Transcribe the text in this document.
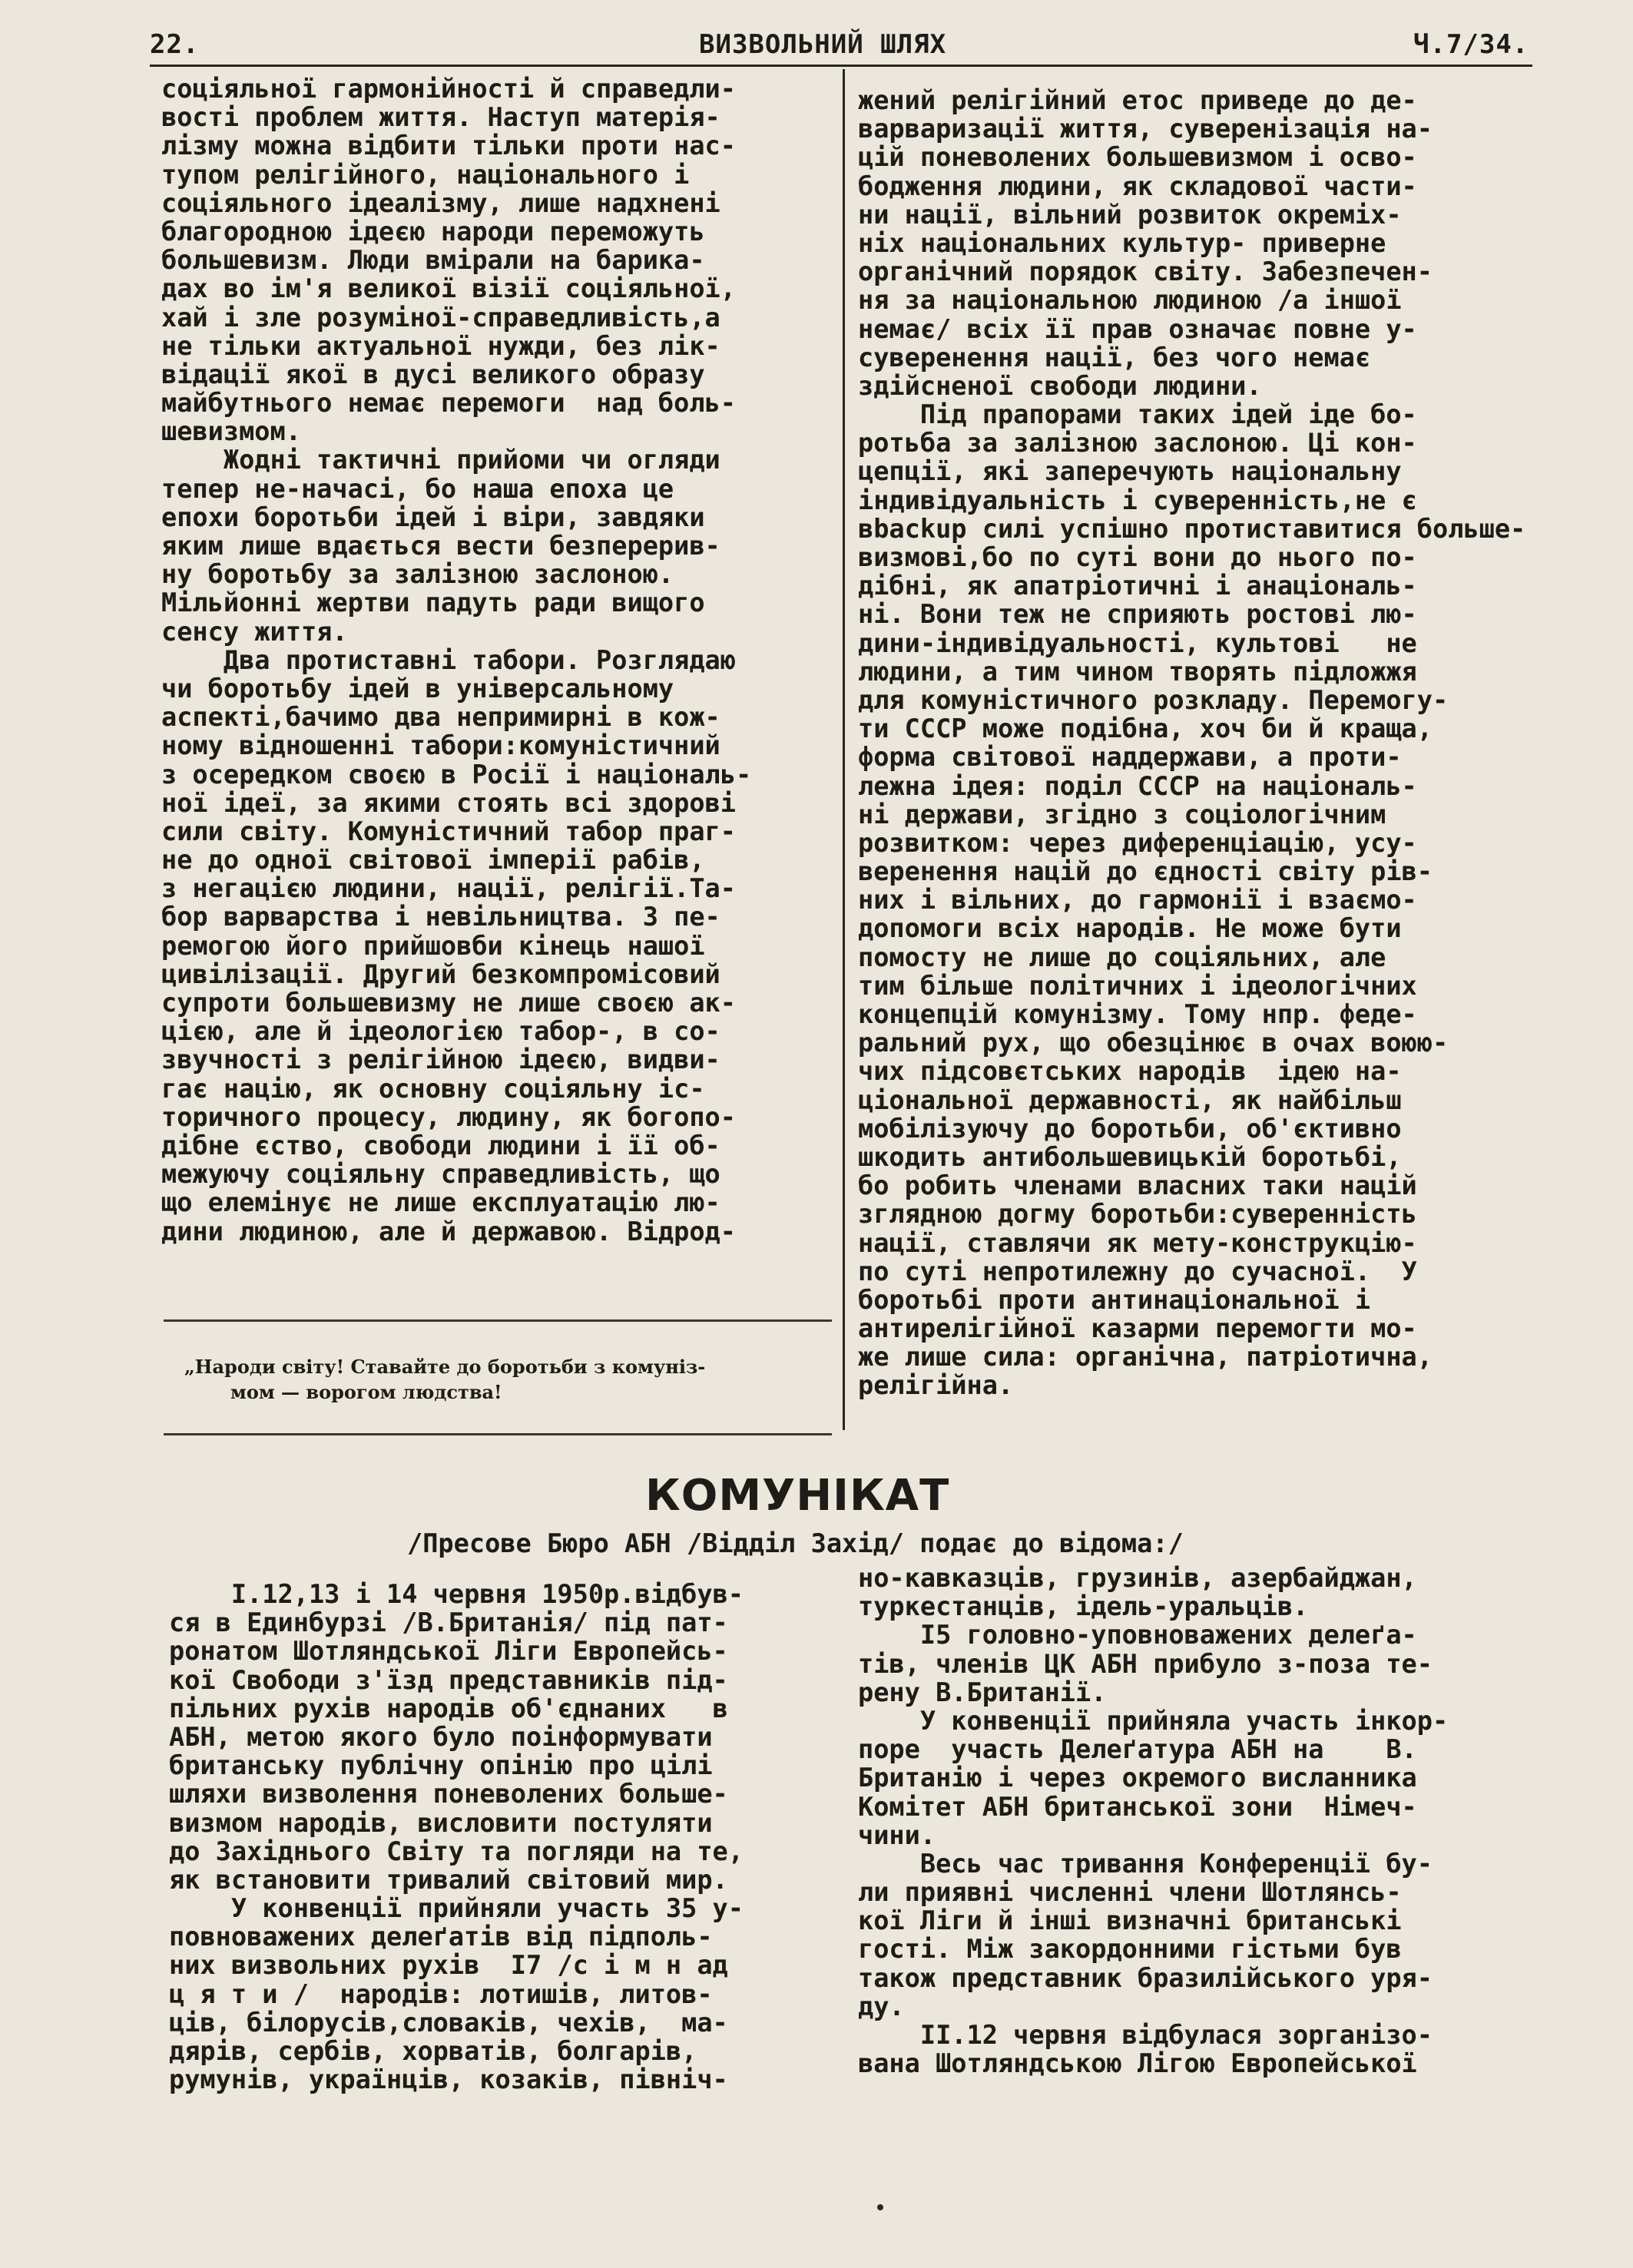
22.	ВИЗВОЛЬНИЙ ШЛЯХ	Ч.7/34.
соціяльної гармонійності й справедли-
вості проблем життя. Наступ матерія-
лізму можна відбити тільки проти нас-
тупом релігійного, національного і
соціяльного ідеалізму, лише надхнені
благородною ідеєю народи переможуть
большевизм. Люди вмірали на барика-
дах во ім'я великої візії соціяльної,
хай і зле розуміної-справедливість,а
не тільки актуальної нужди, без лік-
відації якої в дусі великого образу
майбутнього немає перемоги  над боль-
шевизмом.
Жодні тактичні прийоми чи огляди
тепер не-начасі, бо наша епоха це
епохи боротьби ідей і віри, завдяки
яким лише вдається вести безперерив-
ну боротьбу за залізною заслоною.
Мільйонні жертви падуть ради вищого
сенсу життя.
Два протиставні табори. Розглядаю
чи боротьбу ідей в універсальному
аспекті,бачимо два непримирні в кож-
ному відношенні табори:комуністичний
з осередком своєю в Росії і національ-
ної ідеї, за якими стоять всі здорові
сили світу. Комуністичний табор праг-
не до одної світової імперії рабів,
з негацією людини, нації, релігії.Та-
бор варварства і невільництва. З пе-
ремогою його прийшовби кінець нашої
цивілізації. Другий безкомпромісовий
супроти большевизму не лише своєю ак-
цією, але й ідеологією табор-, в со-
звучності з релігійною ідеєю, видви-
гає націю, як основну соціяльну іс-
торичного процесу, людину, як богопо-
дібне єство, свободи людини і її об-
межуючу соціяльну справедливість, що
що елемінує не лише експлуатацію лю-
дини людиною, але й державою. Відрод-
жений релігійний етос приведе до де-
варваризації життя, суверенізація на-
цій поневолених большевизмом і осво-
бодження людини, як складової части-
ни нації, вільний розвиток окреміх-
ніх національних культур- приверне
органічний порядок світу. Забезпечен-
ня за національною людиною /а іншої
немає/ всіх її прав означає повне у-
суверенення нації, без чого немає
здійсненої свободи людини.
Під прапорами таких ідей іде бо-
ротьба за залізною заслоною. Ці кон-
цепції, які заперечують національну
індивідуальність і суверенність,не є
вbackup силі успішно протиставитися больше-
визмові,бо по суті вони до нього по-
дібні, як апатріотичні і анаціональ-
ні. Вони теж не сприяють ростові лю-
дини-індивідуальності, культові   не
людини, а тим чином творять підложжя
для комуністичного розкладу. Перемогу-
ти СССР може подібна, хоч би й краща,
форма світової наддержави, а проти-
лежна ідея: поділ СССР на національ-
ні держави, згідно з соціологічним
розвитком: через диференціацію, усу-
веренення націй до єдності світу рів-
них і вільних, до гармонії і взаємо-
допомоги всіх народів. Не може бути
помосту не лише до соціяльних, але
тим більше політичних і ідеологічних
концепцій комунізму. Тому нпр. феде-
ральний рух, що обезцінює в очах воюю-
чих підсовєтських народів  ідею на-
ціональної державності, як найбільш
мобілізуючу до боротьби, об'єктивно
шкодить антибольшевицькій боротьбі,
бо робить членами власних таки націй
зглядною догму боротьби:суверенність
нації, ставлячи як мету-конструкцію-
по суті непротилежну до сучасної.  У
боротьбі проти антинаціональної і
антирелігійної казарми перемогти мо-
же лише сила: органічна, патріотична,
релігійна.
„Народи світу! Ставайте до боротьби з комуніз-
мом — ворогом людства!
КОМУНІКАТ
/Пресове Бюро АБН /Відділ Захід/ подає до відома:/
І.12,13 і 14 червня 1950р.відбув-
ся в Единбурзі /В.Британія/ під пат-
ронатом Шотляндської Ліги Европейсь-
кої Свободи з'їзд представників під-
пільних рухів народів об'єднаних   в
АБН, метою якого було поінформувати
британську публічну опінію про цілі
шляхи визволення поневолених больше-
визмом народів, висловити постуляти
до Західнього Світу та погляди на те,
як встановити тривалий світовий мир.
У конвенції прийняли участь 35 у-
повноважених делеґатів від підполь-
них визвольних рухів  І7 /с і м н ад
ц я т и /  народів: лотишів, литов-
ців, білорусів,словаків, чехів,  ма-
дярів, сербів, хорватів, болгарів,
румунів, українців, козаків, північ-
но-кавказців, грузинів, азербайджан,
туркестанців, ідель-уральців.
І5 головно-уповноважених делеґа-
тів, членів ЦК АБН прибуло з-поза те-
рену В.Британії.
У конвенції прийняла участь інкор-
поре  участь Делеґатура АБН на    В.
Британію і через окремого висланника
Комітет АБН британської зони  Німеч-
чини.
Весь час тривання Конференції бу-
ли приявні численні члени Шотлянсь-
кої Ліги й інші визначні британські
гості. Між закордонними гістьми був
також представник бразилійського уря-
ду.
ІІ.12 червня відбулася зорганізо-
вана Шотляндською Лігою Европейської
